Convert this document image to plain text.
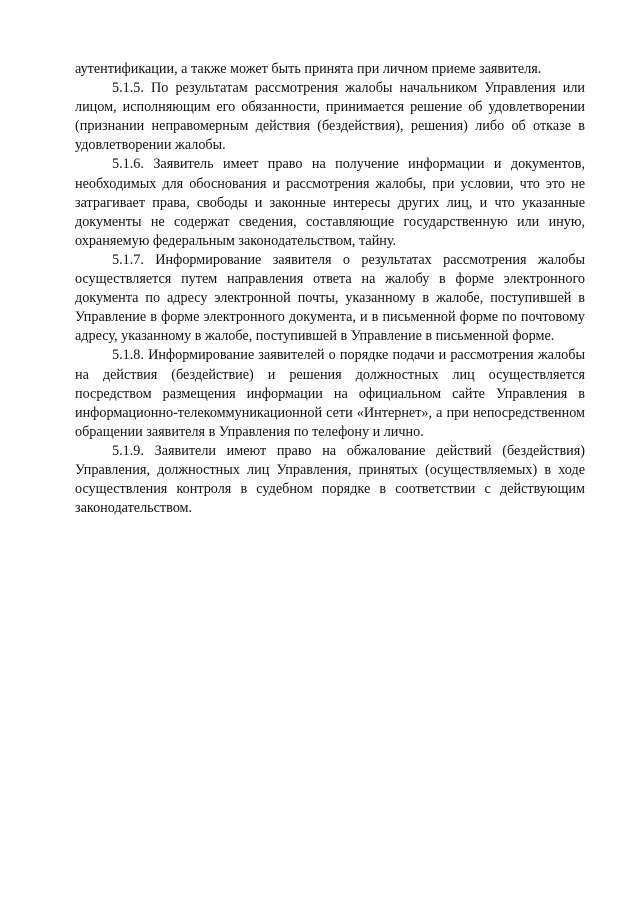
аутентификации, а также может быть принята при личном приеме заявителя.

5.1.5. По результатам рассмотрения жалобы начальником Управления или лицом, исполняющим его обязанности, принимается решение об удовлетворении (признании неправомерным действия (бездействия), решения) либо об отказе в удовлетворении жалобы.

5.1.6. Заявитель имеет право на получение информации и документов, необходимых для обоснования и рассмотрения жалобы, при условии, что это не затрагивает права, свободы и законные интересы других лиц, и что указанные документы не содержат сведения, составляющие государственную или иную, охраняемую федеральным законодательством, тайну.

5.1.7. Информирование заявителя о результатах рассмотрения жалобы осуществляется путем направления ответа на жалобу в форме электронного документа по адресу электронной почты, указанному в жалобе, поступившей в Управление в форме электронного документа, и в письменной форме по почтовому адресу, указанному в жалобе, поступившей в Управление в письменной форме.

5.1.8. Информирование заявителей о порядке подачи и рассмотрения жалобы на действия (бездействие) и решения должностных лиц осуществляется посредством размещения информации на официальном сайте Управления в информационно-телекоммуникационной сети «Интернет», а при непосредственном обращении заявителя в Управления по телефону и лично.

5.1.9. Заявители имеют право на обжалование действий (бездействия) Управления, должностных лиц Управления, принятых (осуществляемых) в ходе осуществления контроля в судебном порядке в соответствии с действующим законодательством.
